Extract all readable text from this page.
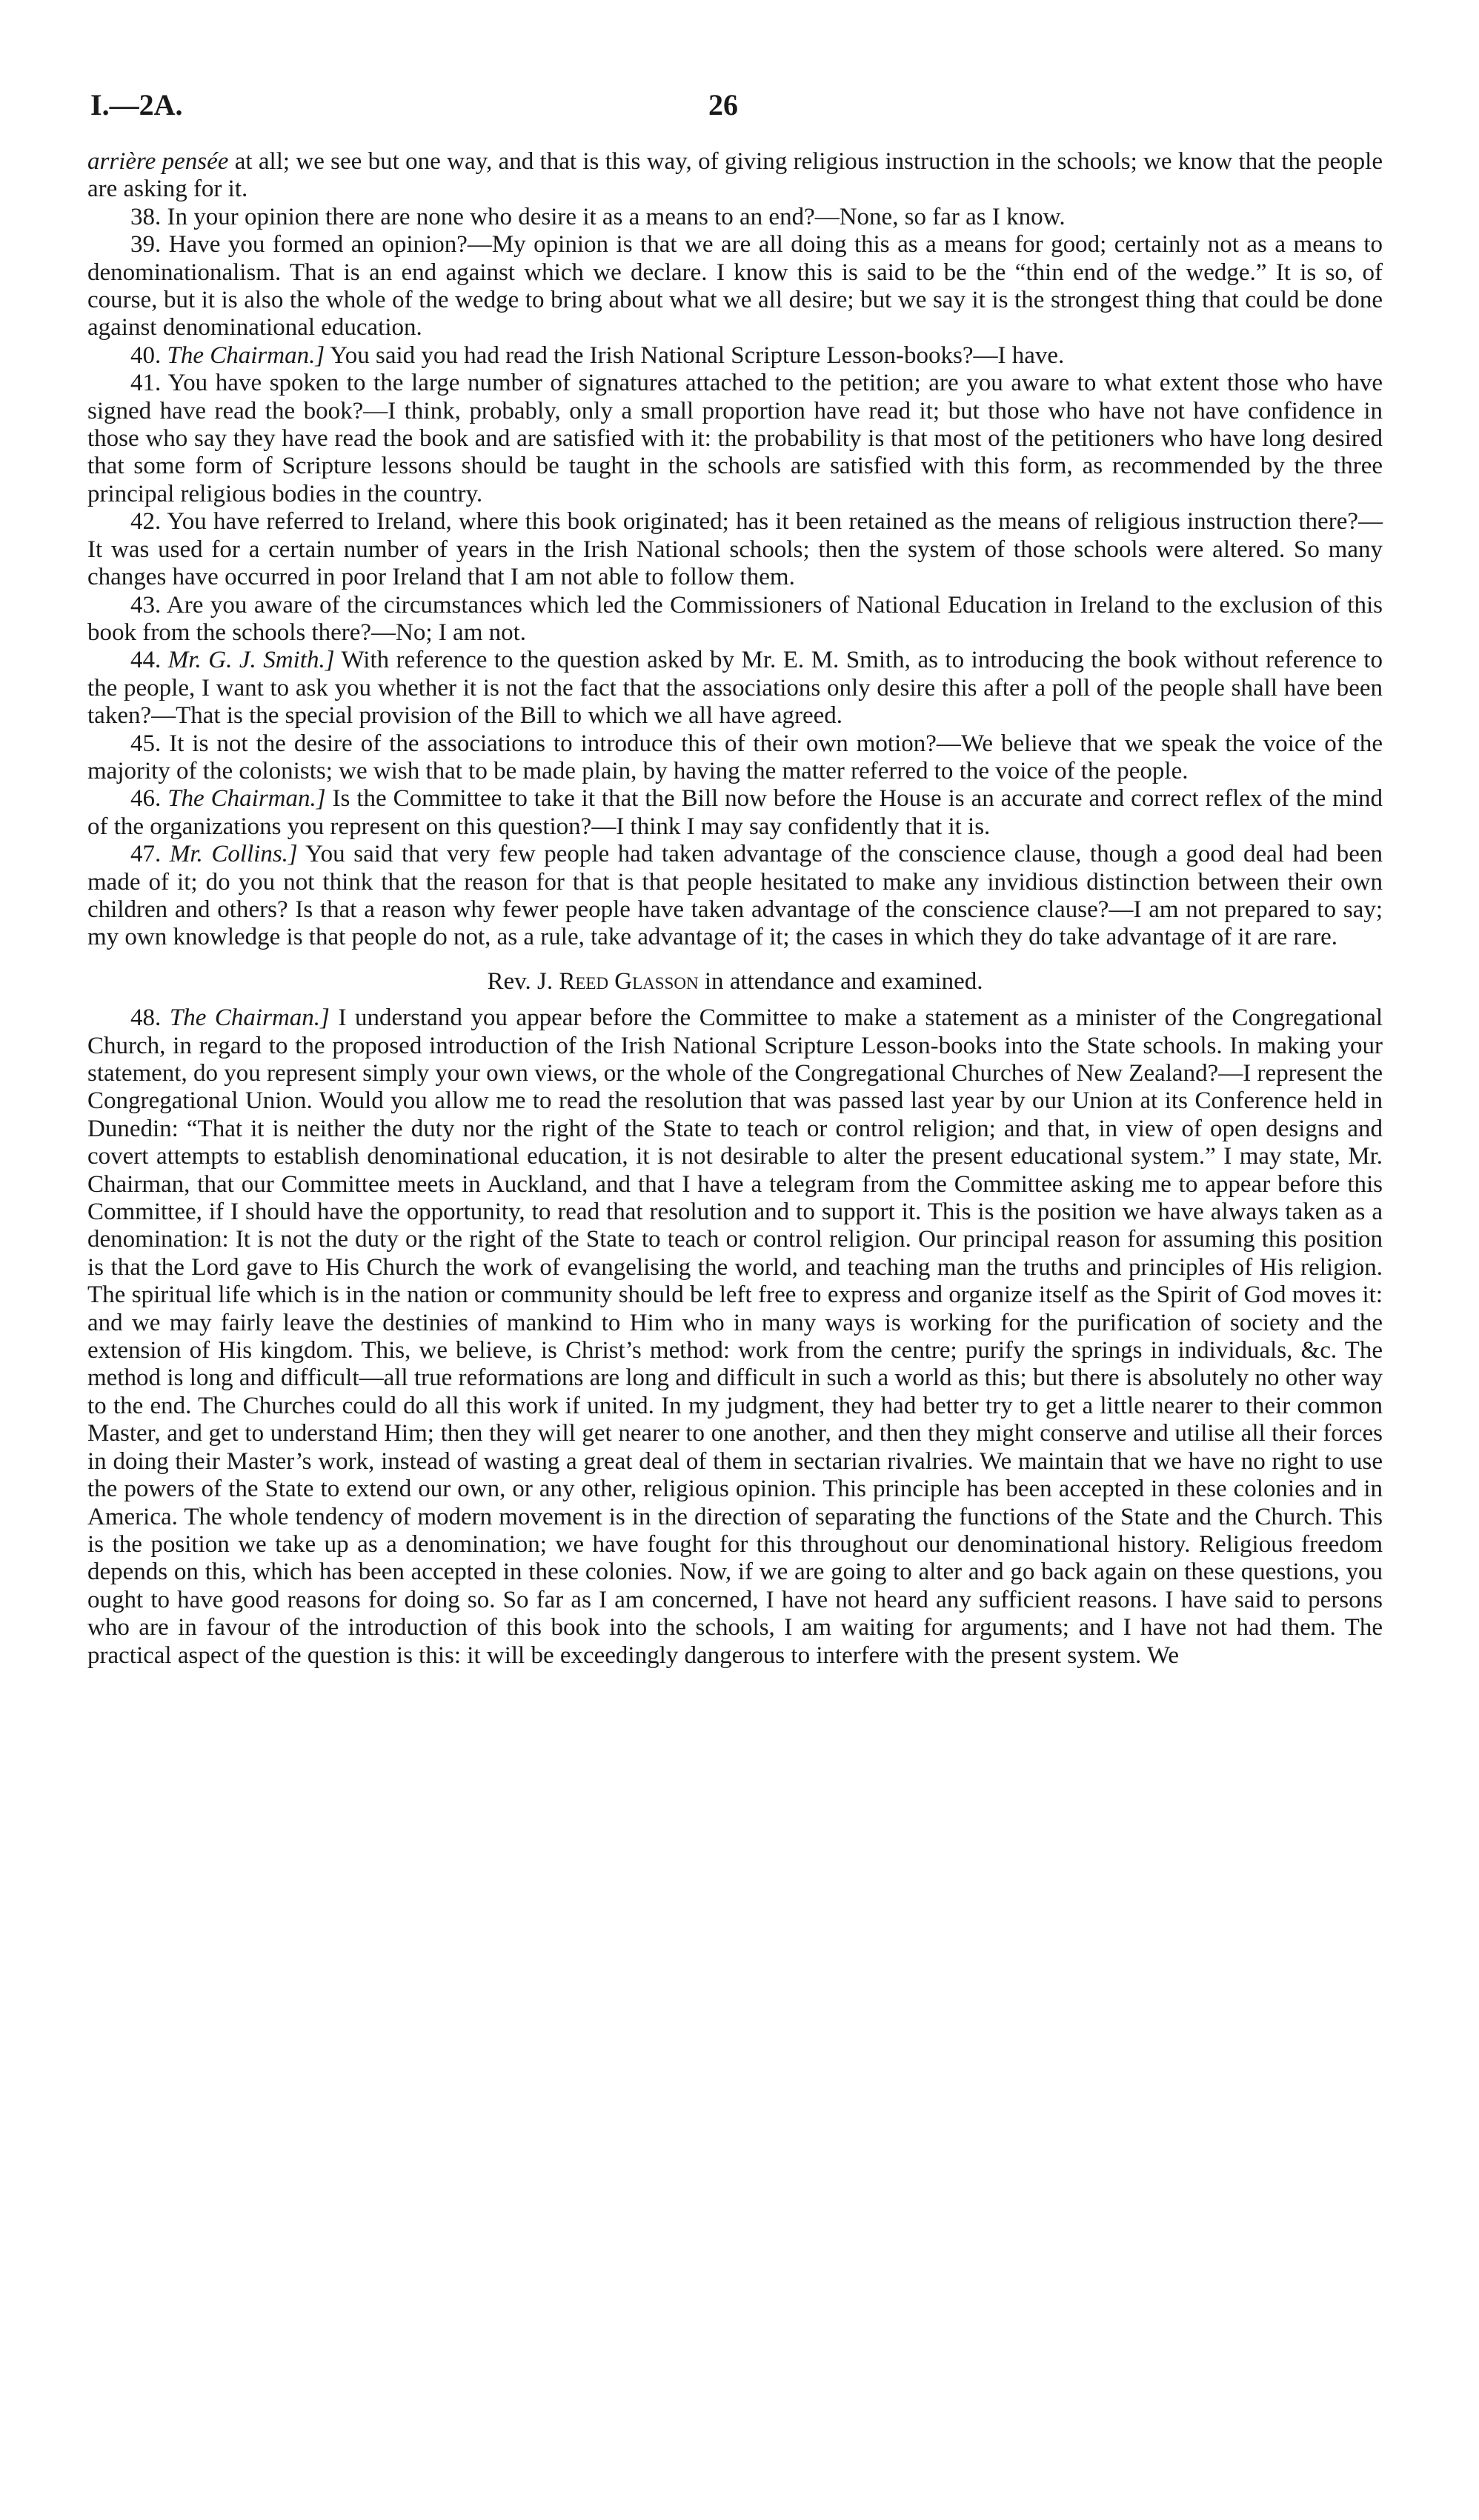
I.—2A.	26

arrière pensée at all; we see but one way, and that is this way, of giving religious instruction in the schools; we know that the people are asking for it.

38. In your opinion there are none who desire it as a means to an end?—None, so far as I know.

39. Have you formed an opinion?—My opinion is that we are all doing this as a means for good; certainly not as a means to denominationalism. That is an end against which we declare. I know this is said to be the “thin end of the wedge.” It is so, of course, but it is also the whole of the wedge to bring about what we all desire; but we say it is the strongest thing that could be done against denominational education.

40. The Chairman.] You said you had read the Irish National Scripture Lesson-books?—I have.

41. You have spoken to the large number of signatures attached to the petition; are you aware to what extent those who have signed have read the book?—I think, probably, only a small proportion have read it; but those who have not have confidence in those who say they have read the book and are satisfied with it: the probability is that most of the petitioners who have long desired that some form of Scripture lessons should be taught in the schools are satisfied with this form, as recommended by the three principal religious bodies in the country.

42. You have referred to Ireland, where this book originated; has it been retained as the means of religious instruction there?—It was used for a certain number of years in the Irish National schools; then the system of those schools were altered. So many changes have occurred in poor Ireland that I am not able to follow them.

43. Are you aware of the circumstances which led the Commissioners of National Education in Ireland to the exclusion of this book from the schools there?—No; I am not.

44. Mr. G. J. Smith.] With reference to the question asked by Mr. E. M. Smith, as to introducing the book without reference to the people, I want to ask you whether it is not the fact that the associations only desire this after a poll of the people shall have been taken?—That is the special provision of the Bill to which we all have agreed.

45. It is not the desire of the associations to introduce this of their own motion?—We believe that we speak the voice of the majority of the colonists; we wish that to be made plain, by having the matter referred to the voice of the people.

46. The Chairman.] Is the Committee to take it that the Bill now before the House is an accurate and correct reflex of the mind of the organizations you represent on this question?—I think I may say confidently that it is.

47. Mr. Collins.] You said that very few people had taken advantage of the conscience clause, though a good deal had been made of it; do you not think that the reason for that is that people hesitated to make any invidious distinction between their own children and others? Is that a reason why fewer people have taken advantage of the conscience clause?—I am not prepared to say; my own knowledge is that people do not, as a rule, take advantage of it; the cases in which they do take advantage of it are rare.

Rev. J. Reed Glasson in attendance and examined.

48. The Chairman.] I understand you appear before the Committee to make a statement as a minister of the Congregational Church, in regard to the proposed introduction of the Irish National Scripture Lesson-books into the State schools. In making your statement, do you represent simply your own views, or the whole of the Congregational Churches of New Zealand?—I represent the Congregational Union. Would you allow me to read the resolution that was passed last year by our Union at its Conference held in Dunedin: “That it is neither the duty nor the right of the State to teach or control religion; and that, in view of open designs and covert attempts to establish denominational education, it is not desirable to alter the present educational system.” I may state, Mr. Chairman, that our Committee meets in Auckland, and that I have a telegram from the Committee asking me to appear before this Committee, if I should have the opportunity, to read that resolution and to support it. This is the position we have always taken as a denomination: It is not the duty or the right of the State to teach or control religion. Our principal reason for assuming this position is that the Lord gave to His Church the work of evangelising the world, and teaching man the truths and principles of His religion. The spiritual life which is in the nation or community should be left free to express and organize itself as the Spirit of God moves it: and we may fairly leave the destinies of mankind to Him who in many ways is working for the purification of society and the extension of His kingdom. This, we believe, is Christ’s method: work from the centre; purify the springs in individuals, &c. The method is long and difficult—all true reformations are long and difficult in such a world as this; but there is absolutely no other way to the end. The Churches could do all this work if united. In my judgment, they had better try to get a little nearer to their common Master, and get to understand Him; then they will get nearer to one another, and then they might conserve and utilise all their forces in doing their Master’s work, instead of wasting a great deal of them in sectarian rivalries. We maintain that we have no right to use the powers of the State to extend our own, or any other, religious opinion. This principle has been accepted in these colonies and in America. The whole tendency of modern movement is in the direction of separating the functions of the State and the Church. This is the position we take up as a denomination; we have fought for this throughout our denominational history. Religious freedom depends on this, which has been accepted in these colonies. Now, if we are going to alter and go back again on these questions, you ought to have good reasons for doing so. So far as I am concerned, I have not heard any sufficient reasons. I have said to persons who are in favour of the introduction of this book into the schools, I am waiting for arguments; and I have not had them. The practical aspect of the question is this: it will be exceedingly dangerous to interfere with the present system. We
